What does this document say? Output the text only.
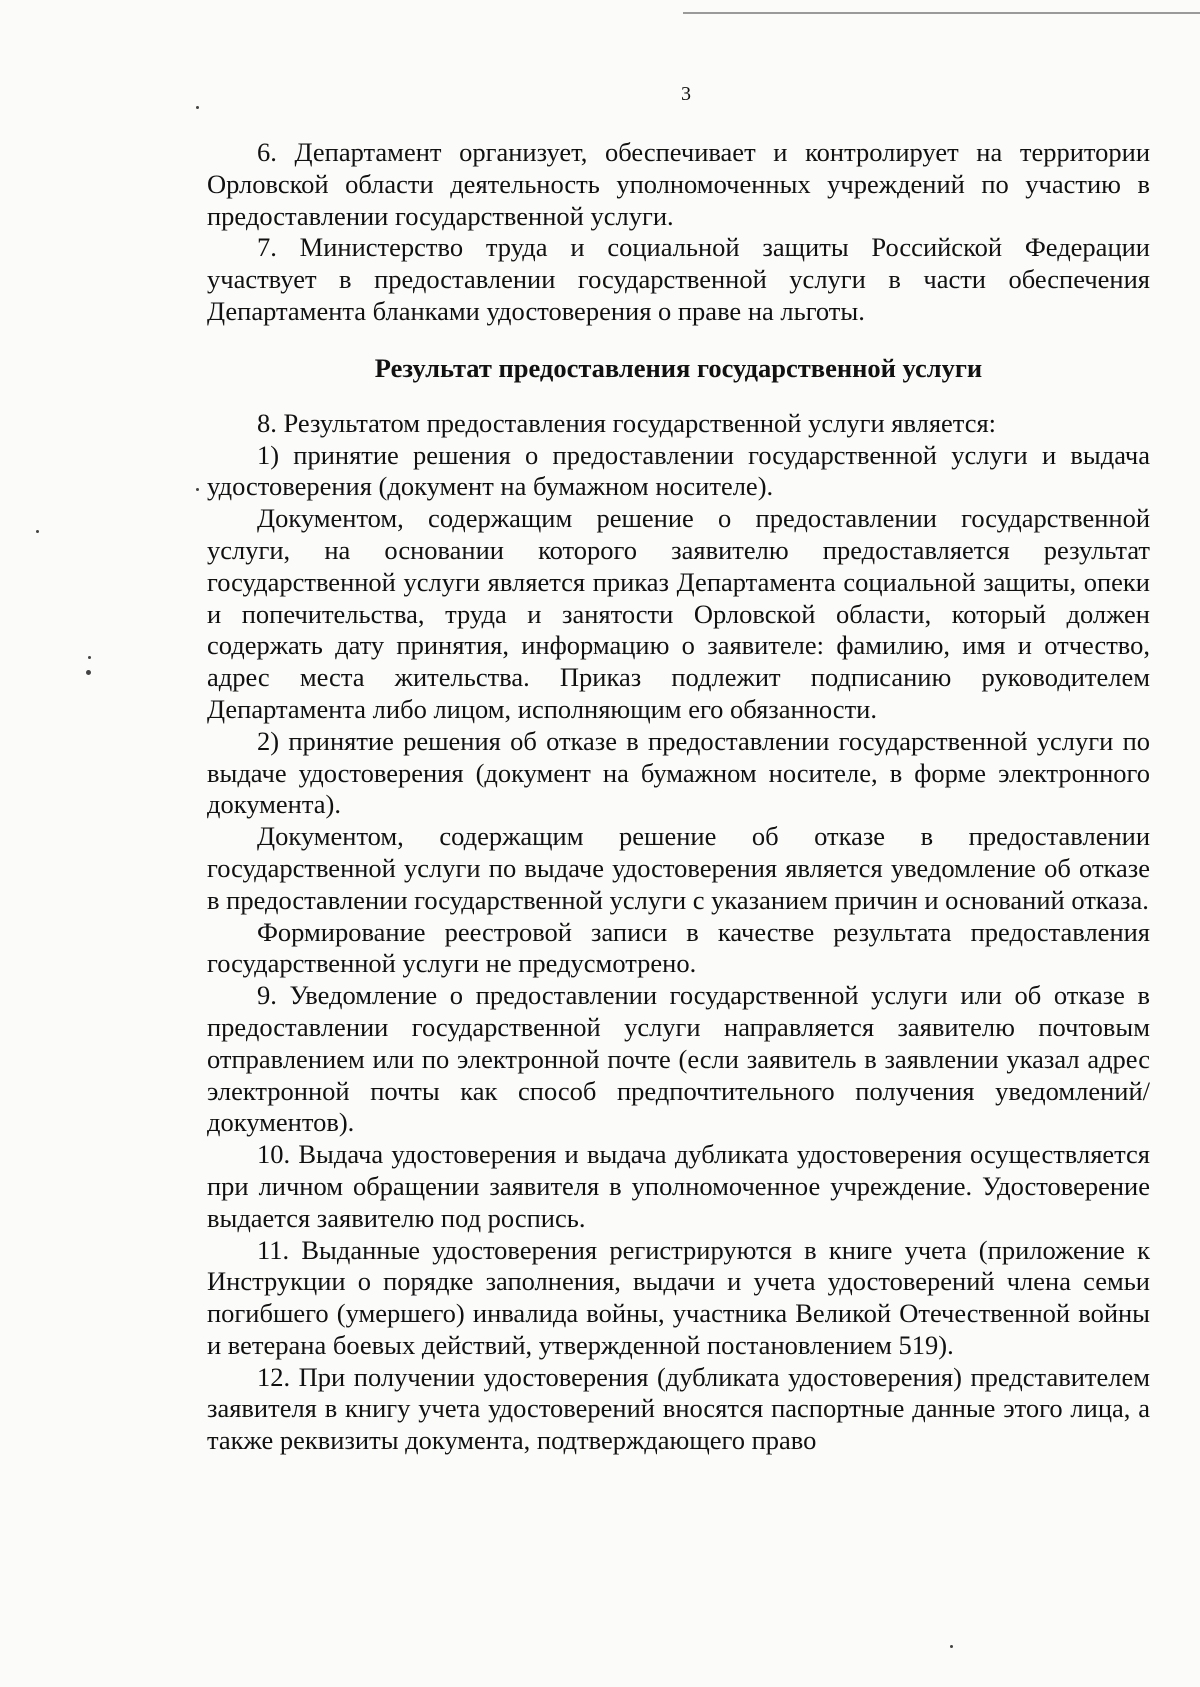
3

6. Департамент организует, обеспечивает и контролирует на территории Орловской области деятельность уполномоченных учреждений по участию в предоставлении государственной услуги.

7. Министерство труда и социальной защиты Российской Федерации участвует в предоставлении государственной услуги в части обеспечения Департамента бланками удостоверения о праве на льготы.

Результат предоставления государственной услуги

8. Результатом предоставления государственной услуги является:

1) принятие решения о предоставлении государственной услуги и выдача удостоверения (документ на бумажном носителе).

Документом, содержащим решение о предоставлении государственной услуги, на основании которого заявителю предоставляется результат государственной услуги является приказ Департамента социальной защиты, опеки и попечительства, труда и занятости Орловской области, который должен содержать дату принятия, информацию о заявителе: фамилию, имя и отчество, адрес места жительства. Приказ подлежит подписанию руководителем Департамента либо лицом, исполняющим его обязанности.

2) принятие решения об отказе в предоставлении государственной услуги по выдаче удостоверения (документ на бумажном носителе, в форме электронного документа).

Документом, содержащим решение об отказе в предоставлении государственной услуги по выдаче удостоверения является уведомление об отказе в предоставлении государственной услуги с указанием причин и оснований отказа.

Формирование реестровой записи в качестве результата предоставления государственной услуги не предусмотрено.

9. Уведомление о предоставлении государственной услуги или об отказе в предоставлении государственной услуги направляется заявителю почтовым отправлением или по электронной почте (если заявитель в заявлении указал адрес электронной почты как способ предпочтительного получения уведомлений/документов).

10. Выдача удостоверения и выдача дубликата удостоверения осуществляется при личном обращении заявителя в уполномоченное учреждение. Удостоверение выдается заявителю под роспись.

11. Выданные удостоверения регистрируются в книге учета (приложение к Инструкции о порядке заполнения, выдачи и учета удостоверений члена семьи погибшего (умершего) инвалида войны, участника Великой Отечественной войны и ветерана боевых действий, утвержденной постановлением 519).

12. При получении удостоверения (дубликата удостоверения) представителем заявителя в книгу учета удостоверений вносятся паспортные данные этого лица, а также реквизиты документа, подтверждающего право
